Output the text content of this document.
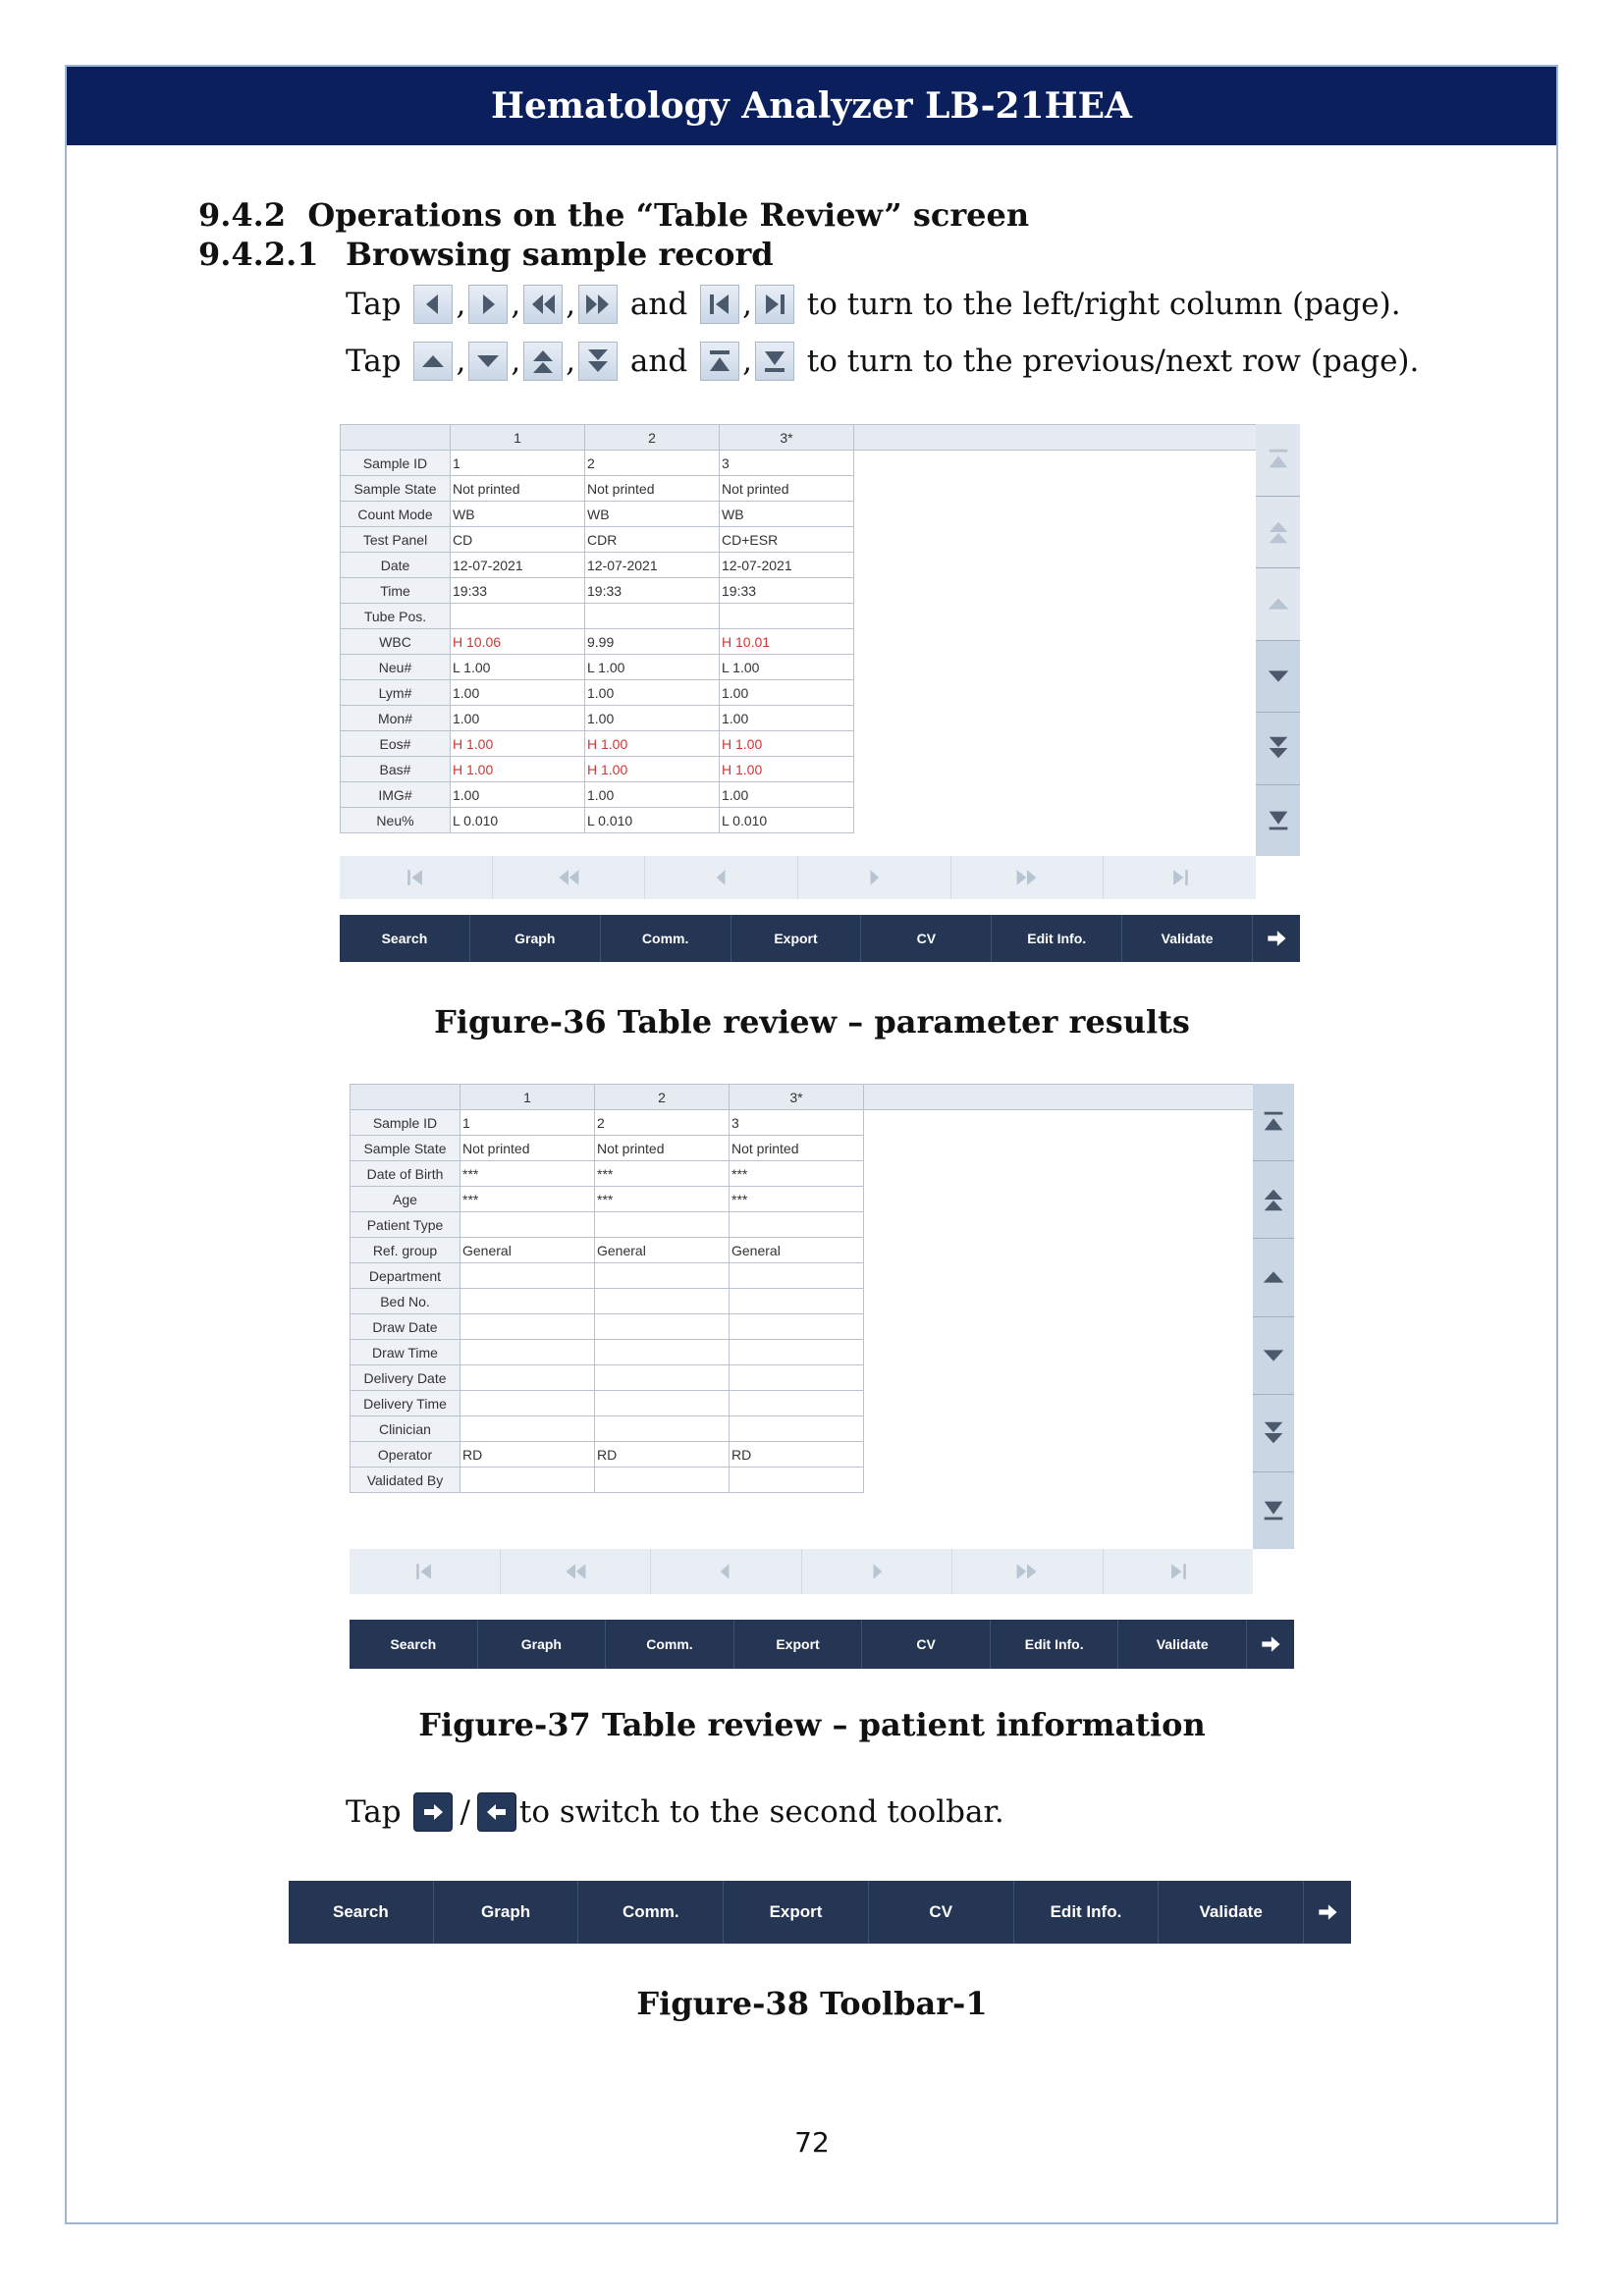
Hematology Analyzer LB-21HEA
9.4.2 Operations on the “Table Review” screen
9.4.2.1 Browsing sample record
Tap
, , ,
and
,
to turn to the left/right column (page).
Tap
, , ,
and
,
to turn to the previous/next row (page).
	1	2	3*	
Sample ID	1	2	3	
Sample State	Not printed	Not printed	Not printed	
Count Mode	WB	WB	WB	
Test Panel	CD	CDR	CD+ESR	
Date	12-07-2021	12-07-2021	12-07-2021	
Time	19:33	19:33	19:33	
Tube Pos.				
WBC	H 10.06	9.99	H 10.01	
Neu#	L 1.00	L 1.00	L 1.00	
Lym#	1.00	1.00	1.00	
Mon#	1.00	1.00	1.00	
Eos#	H 1.00	H 1.00	H 1.00	
Bas#	H 1.00	H 1.00	H 1.00	
IMG#	1.00	1.00	1.00	
Neu%	L 0.010	L 0.010	L 0.010	
Search	Graph	Comm.	Export	CV	Edit Info.	Validate
Figure-36 Table review – parameter results
	1	2	3*	
Sample ID	1	2	3	
Sample State	Not printed	Not printed	Not printed	
Date of Birth	***	***	***	
Age	***	***	***	
Patient Type				
Ref. group	General	General	General	
Department				
Bed No.				
Draw Date				
Draw Time				
Delivery Date				
Delivery Time				
Clinician				
Operator	RD	RD	RD	
Validated By				
Search	Graph	Comm.	Export	CV	Edit Info.	Validate
Figure-37 Table review – patient information
Tap
/ to switch to the second toolbar.
Search	Graph	Comm.	Export	CV	Edit Info.	Validate
Figure-38 Toolbar-1
72
